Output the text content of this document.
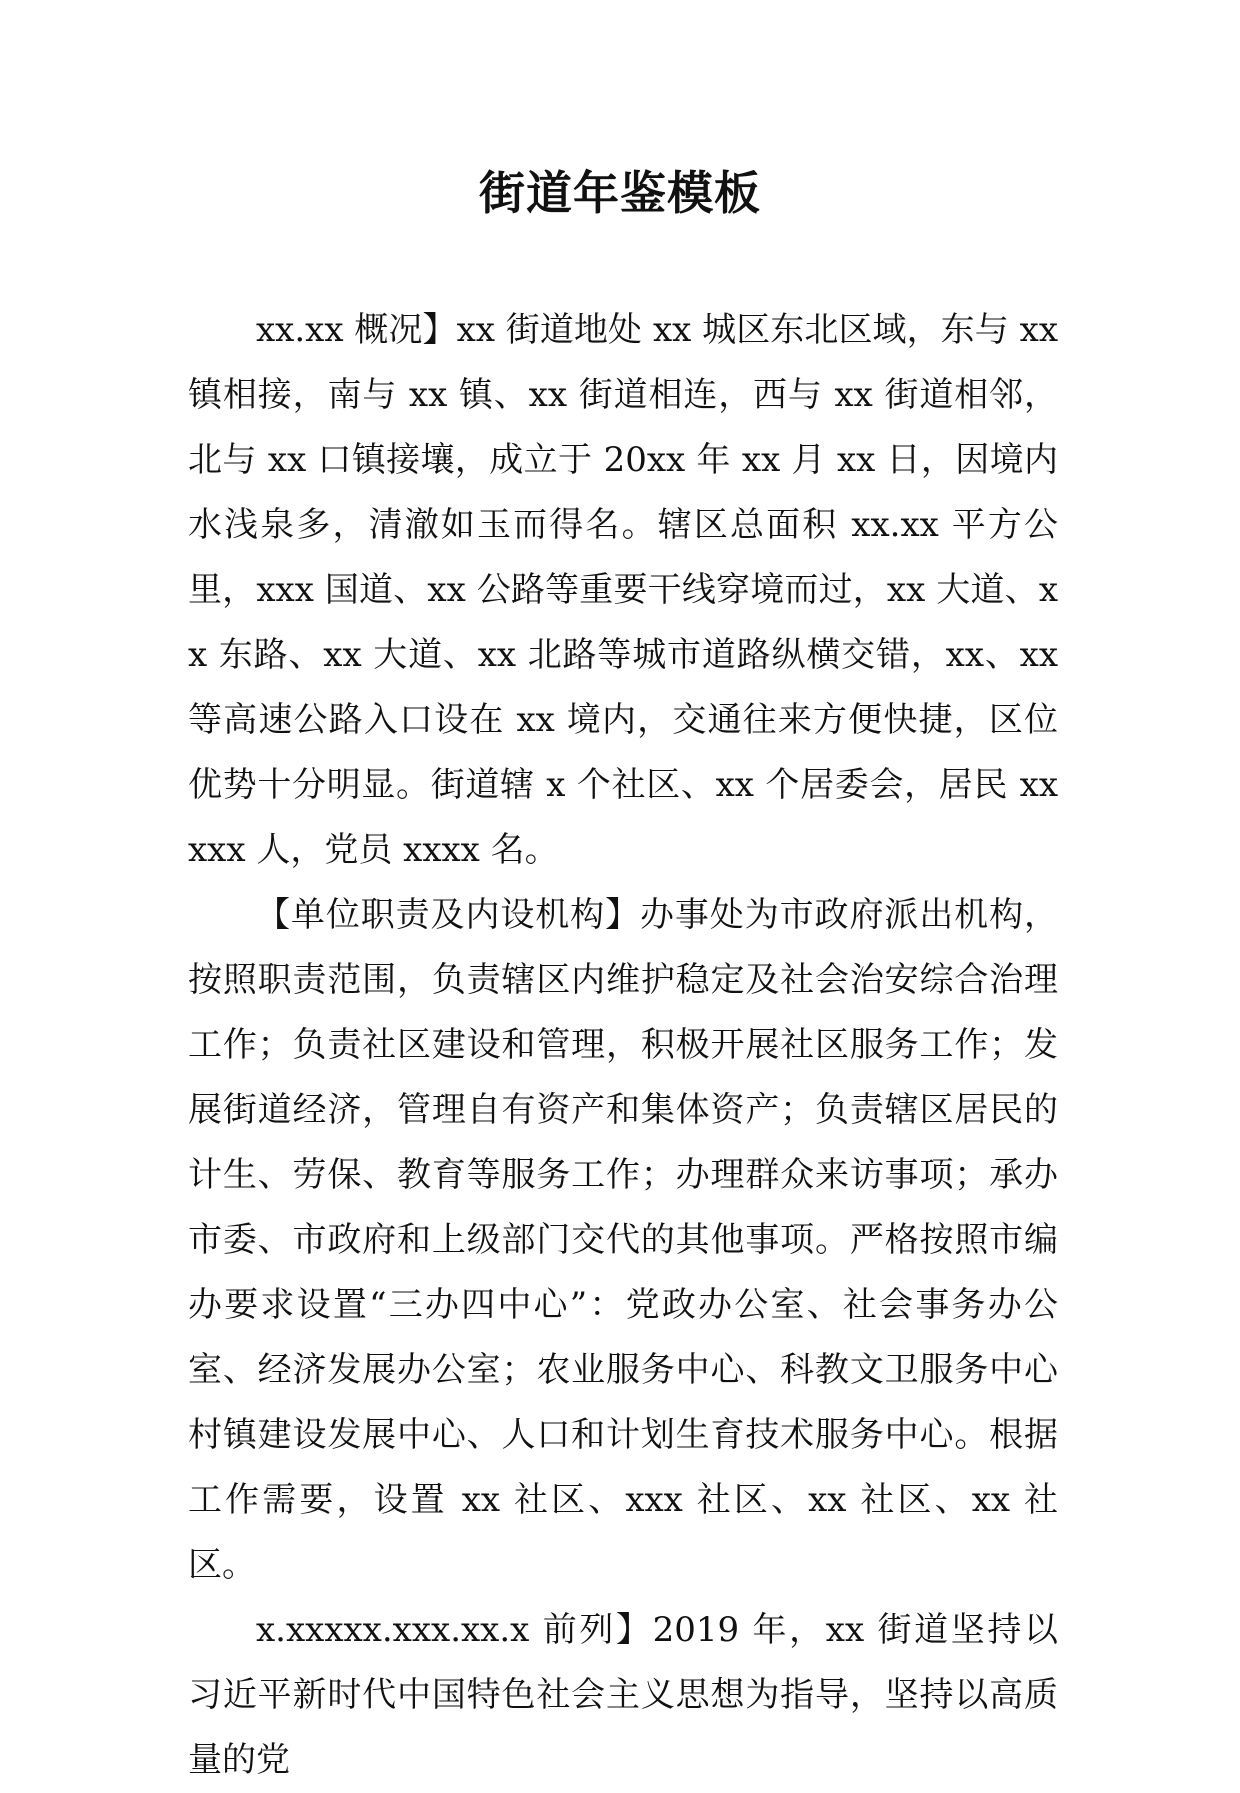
街道年鉴模板

xx.xx 概况】xx 街道地处 xx 城区东北区域，东与 xx 镇相接，南与 xx 镇、xx 街道相连，西与 xx 街道相邻，北与 xx 口镇接壤，成立于 20xx 年 xx 月 xx 日，因境内水浅泉多，清澈如玉而得名。辖区总面积 xx.xx 平方公里，xxx 国道、xx 公路等重要干线穿境而过，xx 大道、xx 东路、xx 大道、xx 北路等城市道路纵横交错，xx、xx 等高速公路入口设在 xx 境内，交通往来方便快捷，区位优势十分明显。街道辖 x 个社区、xx 个居委会，居民 xxxxx 人，党员 xxxx 名。

【单位职责及内设机构】办事处为市政府派出机构，按照职责范围，负责辖区内维护稳定及社会治安综合治理工作；负责社区建设和管理，积极开展社区服务工作；发展街道经济，管理自有资产和集体资产；负责辖区居民的计生、劳保、教育等服务工作；办理群众来访事项；承办市委、市政府和上级部门交代的其他事项。严格按照市编办要求设置“三办四中心”：党政办公室、社会事务办公室、经济发展办公室；农业服务中心、科教文卫服务中心村镇建设发展中心、人口和计划生育技术服务中心。根据工作需要，设置 xx 社区、xxx 社区、xx 社区、xx 社区。

x.xxxxx.xxx.xx.x 前列】2019 年，xx 街道坚持以习近平新时代中国特色社会主义思想为指导，坚持以高质量的党
